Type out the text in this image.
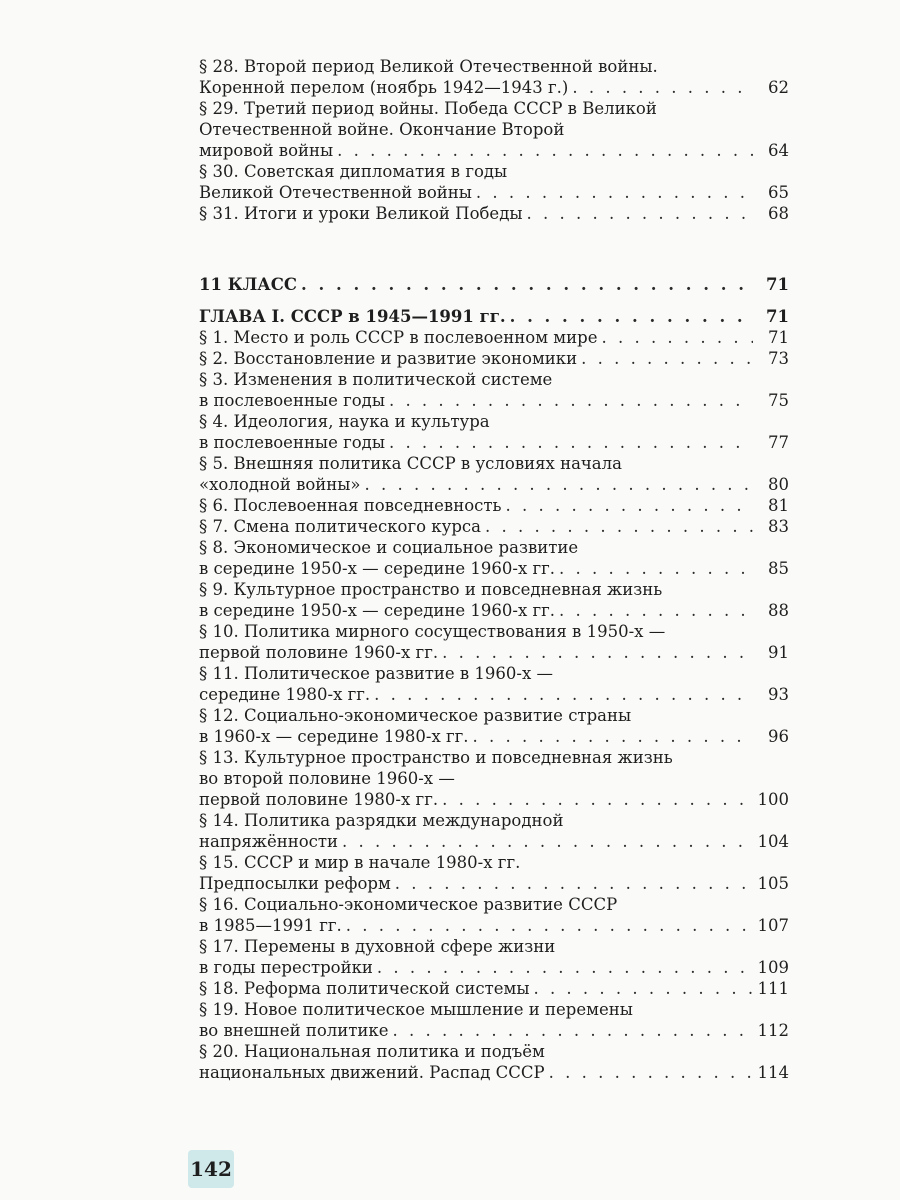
§ 28. Второй период Великой Отечественной войны.
Коренной перелом (ноябрь 1942—1943 г.) . . .	62
§ 29. Третий период войны. Победа СССР в Великой
Отечественной войне. Окончание Второй
мировой войны . . .	64
§ 30. Советская дипломатия в годы
Великой Отечественной войны . . .	65
§ 31. Итоги и уроки Великой Победы . . .	68
11 КЛАСС . . .	71
ГЛАВА I. СССР в 1945—1991 гг. . . .	71
§ 1. Место и роль СССР в послевоенном мире . . .	71
§ 2. Восстановление и развитие экономики . . .	73
§ 3. Изменения в политической системе
в послевоенные годы . . .	75
§ 4. Идеология, наука и культура
в послевоенные годы . . .	77
§ 5. Внешняя политика СССР в условиях начала
«холодной войны» . . .	80
§ 6. Послевоенная повседневность . . .	81
§ 7. Смена политического курса . . .	83
§ 8. Экономическое и социальное развитие
в середине 1950-х — середине 1960-х гг. . . .	85
§ 9. Культурное пространство и повседневная жизнь
в середине 1950-х — середине 1960-х гг. . . .	88
§ 10. Политика мирного сосуществования в 1950-х —
первой половине 1960-х гг. . . .	91
§ 11. Политическое развитие в 1960-х —
середине 1980-х гг. . . .	93
§ 12. Социально-экономическое развитие страны
в 1960-х — середине 1980-х гг. . . .	96
§ 13. Культурное пространство и повседневная жизнь
во второй половине 1960-х —
первой половине 1980-х гг. . . .	100
§ 14. Политика разрядки международной
напряжённости . . .	104
§ 15. СССР и мир в начале 1980-х гг.
Предпосылки реформ . . .	105
§ 16. Социально-экономическое развитие СССР
в 1985—1991 гг. . . .	107
§ 17. Перемены в духовной сфере жизни
в годы перестройки . . .	109
§ 18. Реформа политической системы . . .	111
§ 19. Новое политическое мышление и перемены
во внешней политике . . .	112
§ 20. Национальная политика и подъём
национальных движений. Распад СССР . . .	114
142
